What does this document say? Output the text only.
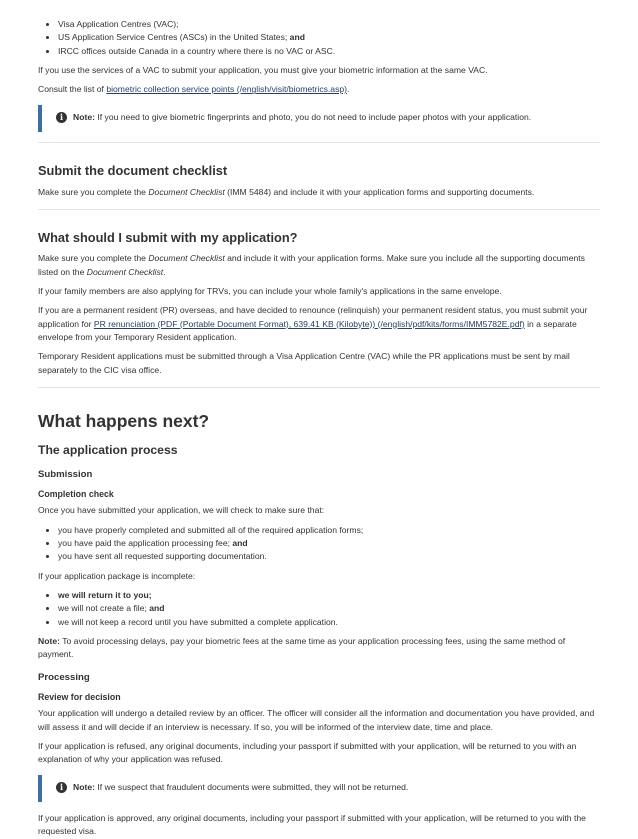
• Visa Application Centres (VAC);
• US Application Service Centres (ASCs) in the United States; and
• IRCC offices outside Canada in a country where there is no VAC or ASC.

If you use the services of a VAC to submit your application, you must give your biometric information at the same VAC.

Consult the list of biometric collection service points (/english/visit/biometrics.asp).

i	Note: If you need to give biometric fingerprints and photo, you do not need to include paper photos with your application.
Submit the document checklist

Make sure you complete the Document Checklist (IMM 5484) and include it with your application forms and supporting documents.

What should I submit with my application?

Make sure you complete the Document Checklist and include it with your application forms. Make sure you include all the supporting documents listed on the Document Checklist.

If your family members are also applying for TRVs, you can include your whole family's applications in the same envelope.

If you are a permanent resident (PR) overseas, and have decided to renounce (relinquish) your permanent resident status, you must submit your application for PR renunciation (PDF (Portable Document Format), 639.41 KB (Kilobyte)) (/english/pdf/kits/forms/IMM5782E.pdf) in a separate envelope from your Temporary Resident application.

Temporary Resident applications must be submitted through a Visa Application Centre (VAC) while the PR applications must be sent by mail separately to the CIC visa office.

What happens next?
The application process
Submission
Completion check

Once you have submitted your application, we will check to make sure that:

• you have properly completed and submitted all of the required application forms;
• you have paid the application processing fee; and
• you have sent all requested supporting documentation.

If your application package is incomplete:

• we will return it to you;
• we will not create a file; and
• we will not keep a record until you have submitted a complete application.

Note: To avoid processing delays, pay your biometric fees at the same time as your application processing fees, using the same method of payment.

Processing
Review for decision

Your application will undergo a detailed review by an officer. The officer will consider all the information and documentation you have provided, and will assess it and will decide if an interview is necessary. If so, you will be informed of the interview date, time and place.

If your application is refused, any original documents, including your passport if submitted with your application, will be returned to you with an explanation of why your application was refused.

i	Note: If we suspect that fraudulent documents were submitted, they will not be returned.

If your application is approved, any original documents, including your passport if submitted with your application, will be returned to you with the requested visa.
